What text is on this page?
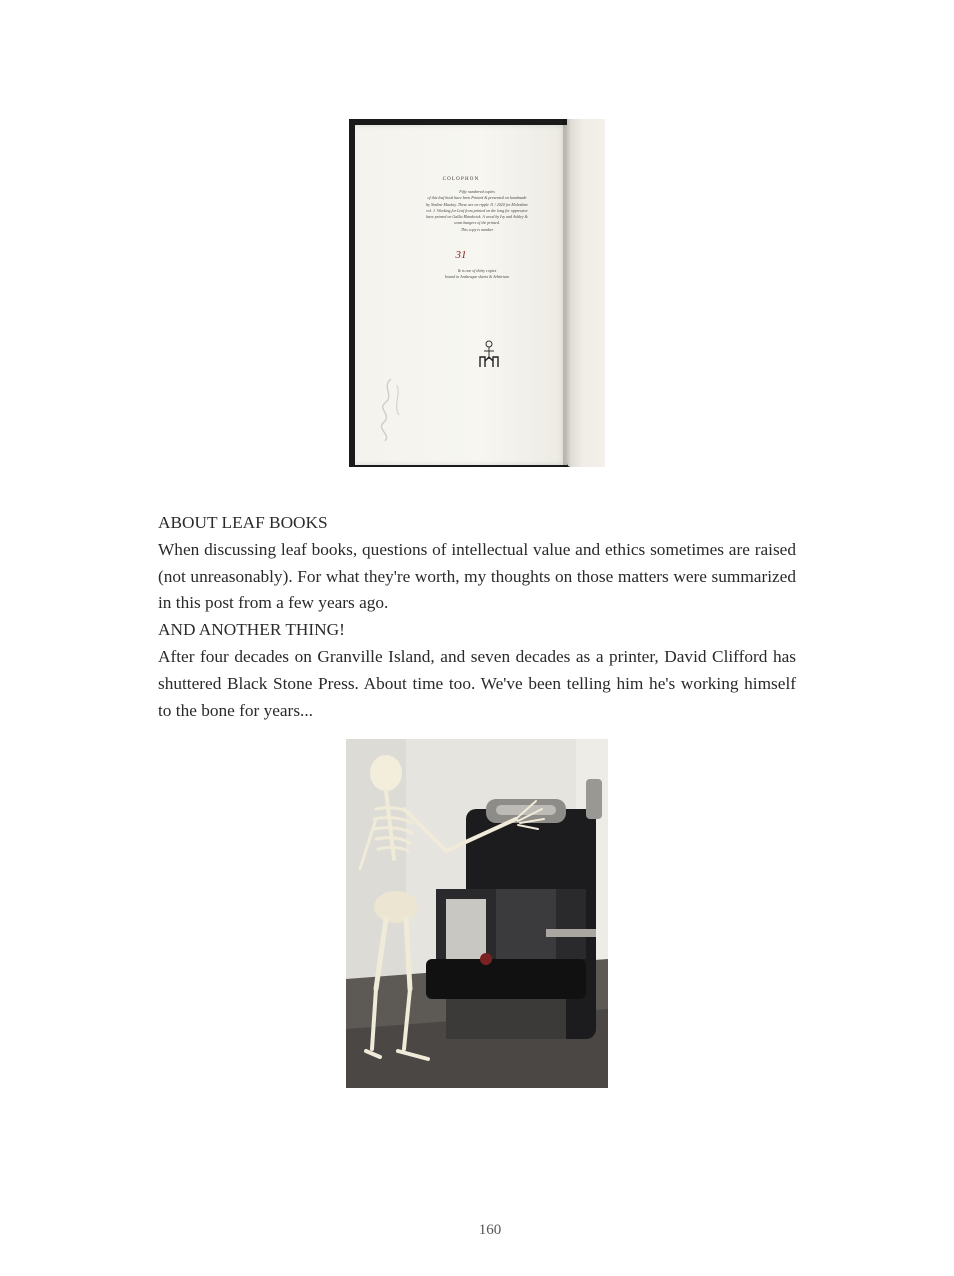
COLOPHON
Fifty numbered copies
of this leaf book have been Printed & presented on handmade
by Nadine Mackay. These are on ripple 11 / 2020 for Moleskine
vol. 1. Working for Leaf from printed on the long for oppressive
have printed on Gallia Rhindwick. A wood by Ivy and Ashley &
some bangers of the printed.
This copy is number
31
& is one of thirty copies
bound in Arabesque sheets & Arbitrium

ABOUT LEAF BOOKS

When discussing leaf books, questions of intellectual value and ethics sometimes are raised (not unreasonably). For what they're worth, my thoughts on those matters were summarized in this post from a few years ago.

AND ANOTHER THING!

After four decades on Granville Island, and seven decades as a printer, David Clifford has shuttered Black Stone Press. About time too. We've been telling him he's working himself to the bone for years...

160
